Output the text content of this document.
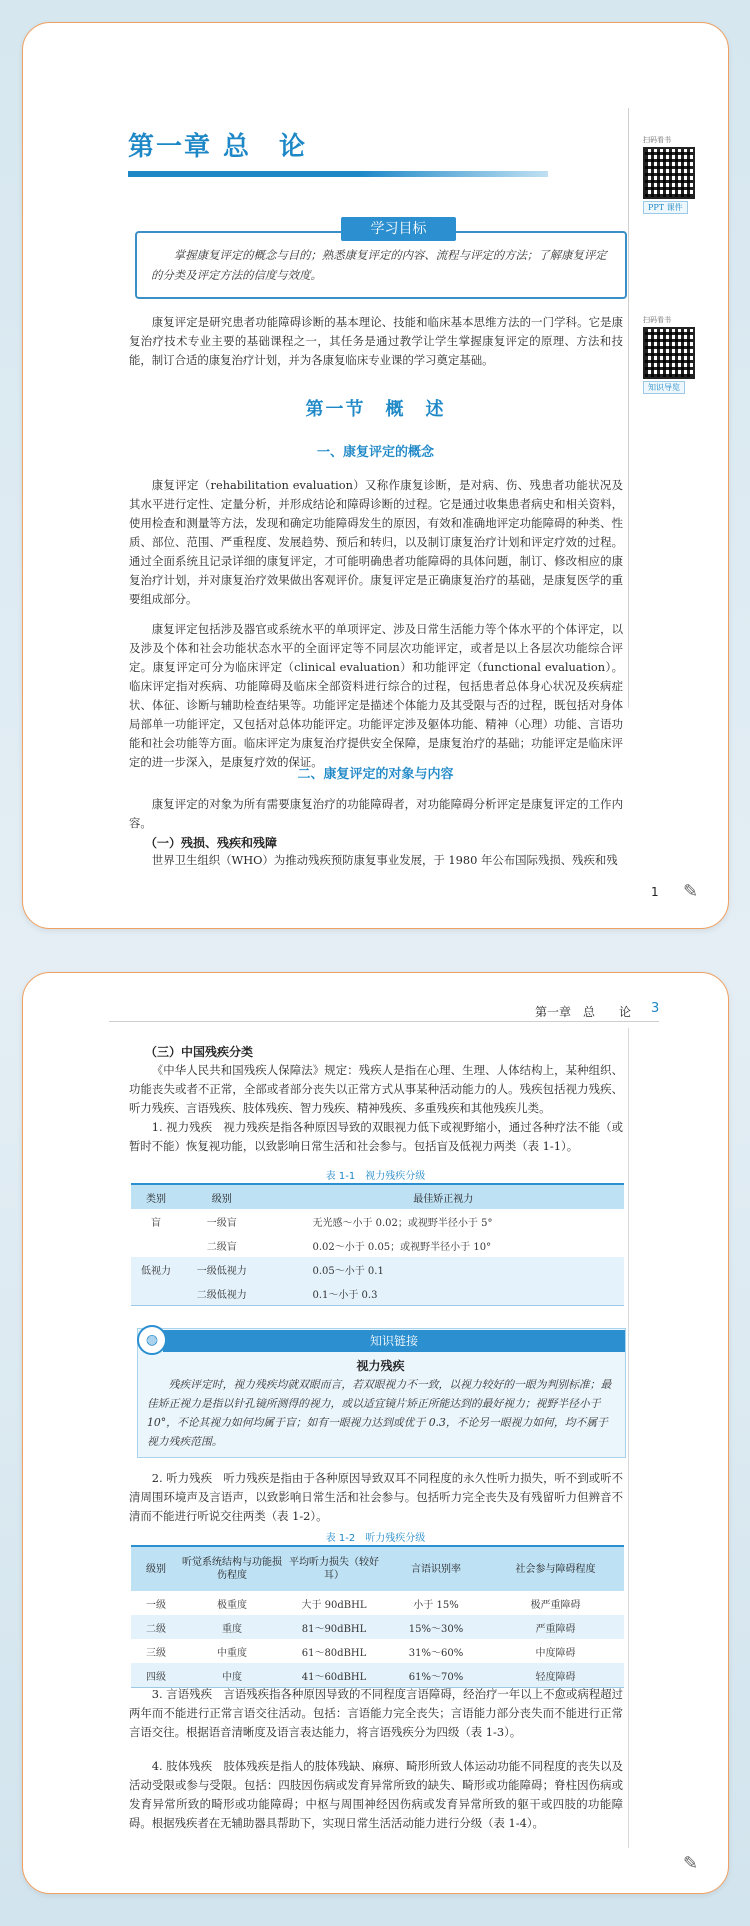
第一章 总　论	扫码看书
PPT 课件
扫码看书
知识导览
学习目标
掌握康复评定的概念与目的；熟悉康复评定的内容、流程与评定的方法；了解康复评定的分类及评定方法的信度与效度。
康复评定是研究患者功能障碍诊断的基本理论、技能和临床基本思维方法的一门学科。它是康复治疗技术专业主要的基础课程之一，其任务是通过教学让学生掌握康复评定的原理、方法和技能，制订合适的康复治疗计划，并为各康复临床专业课的学习奠定基础。
第一节　概　述
一、康复评定的概念
康复评定（rehabilitation evaluation）又称作康复诊断，是对病、伤、残患者功能状况及其水平进行定性、定量分析，并形成结论和障碍诊断的过程。它是通过收集患者病史和相关资料，使用检查和测量等方法，发现和确定功能障碍发生的原因，有效和准确地评定功能障碍的种类、性质、部位、范围、严重程度、发展趋势、预后和转归，以及制订康复治疗计划和评定疗效的过程。通过全面系统且记录详细的康复评定，才可能明确患者功能障碍的具体问题，制订、修改相应的康复治疗计划，并对康复治疗效果做出客观评价。康复评定是正确康复治疗的基础，是康复医学的重要组成部分。
康复评定包括涉及器官或系统水平的单项评定、涉及日常生活能力等个体水平的个体评定，以及涉及个体和社会功能状态水平的全面评定等不同层次功能评定，或者是以上各层次功能综合评定。康复评定可分为临床评定（clinical evaluation）和功能评定（functional evaluation）。临床评定指对疾病、功能障碍及临床全部资料进行综合的过程，包括患者总体身心状况及疾病症状、体征、诊断与辅助检查结果等。功能评定是描述个体能力及其受限与否的过程，既包括对身体局部单一功能评定，又包括对总体功能评定。功能评定涉及躯体功能、精神（心理）功能、言语功能和社会功能等方面。临床评定为康复治疗提供安全保障，是康复治疗的基础；功能评定是临床评定的进一步深入，是康复疗效的保证。
二、康复评定的对象与内容
康复评定的对象为所有需要康复治疗的功能障碍者，对功能障碍分析评定是康复评定的工作内容。
（一）残损、残疾和残障
世界卫生组织（WHO）为推动残疾预防康复事业发展，于 1980 年公布国际残损、残疾和残
1 ✎
第一章　总　　论 3
（三）中国残疾分类
《中华人民共和国残疾人保障法》规定：残疾人是指在心理、生理、人体结构上，某种组织、功能丧失或者不正常，全部或者部分丧失以正常方式从事某种活动能力的人。残疾包括视力残疾、听力残疾、言语残疾、肢体残疾、智力残疾、精神残疾、多重残疾和其他残疾儿类。
1. 视力残疾　视力残疾是指各种原因导致的双眼视力低下或视野缩小，通过各种疗法不能（或暂时不能）恢复视功能，以致影响日常生活和社会参与。包括盲及低视力两类（表 1-1）。
表 1-1　视力残疾分级
类别	级别	最佳矫正视力
盲	一级盲	无光感～小于 0.02；或视野半径小于 5°
	二级盲	0.02～小于 0.05；或视野半径小于 10°
低视力	一级低视力	0.05～小于 0.1
	二级低视力	0.1～小于 0.3
知识链接
◍
视力残疾
残疾评定时，视力残疾均就双眼而言，若双眼视力不一致，以视力较好的一眼为判别标准；最佳矫正视力是指以针孔镜所测得的视力，或以适宜镜片矫正所能达到的最好视力；视野半径小于 10°，不论其视力如何均属于盲；如有一眼视力达到或优于 0.3，不论另一眼视力如何，均不属于视力残疾范围。
2. 听力残疾　听力残疾是指由于各种原因导致双耳不同程度的永久性听力损失，听不到或听不清周围环境声及言语声，以致影响日常生活和社会参与。包括听力完全丧失及有残留听力但辨音不清而不能进行听说交往两类（表 1-2）。
表 1-2　听力残疾分级
级别	听觉系统结构与功能损伤程度	平均听力损失（较好耳）	言语识别率	社会参与障碍程度
一级	极重度	大于 90dBHL	小于 15%	极严重障碍
二级	重度	81～90dBHL	15%～30%	严重障碍
三级	中重度	61～80dBHL	31%～60%	中度障碍
四级	中度	41～60dBHL	61%～70%	轻度障碍
3. 言语残疾　言语残疾指各种原因导致的不同程度言语障碍，经治疗一年以上不愈或病程超过两年而不能进行正常言语交往活动。包括：言语能力完全丧失；言语能力部分丧失而不能进行正常言语交往。根据语音清晰度及语言表达能力，将言语残疾分为四级（表 1-3）。
4. 肢体残疾　肢体残疾是指人的肢体残缺、麻痹、畸形所致人体运动功能不同程度的丧失以及活动受限或参与受限。包括：四肢因伤病或发育异常所致的缺失、畸形或功能障碍；脊柱因伤病或发育异常所致的畸形或功能障碍；中枢与周围神经因伤病或发育异常所致的躯干或四肢的功能障碍。根据残疾者在无辅助器具帮助下，实现日常生活活动能力进行分级（表 1-4）。
✎
